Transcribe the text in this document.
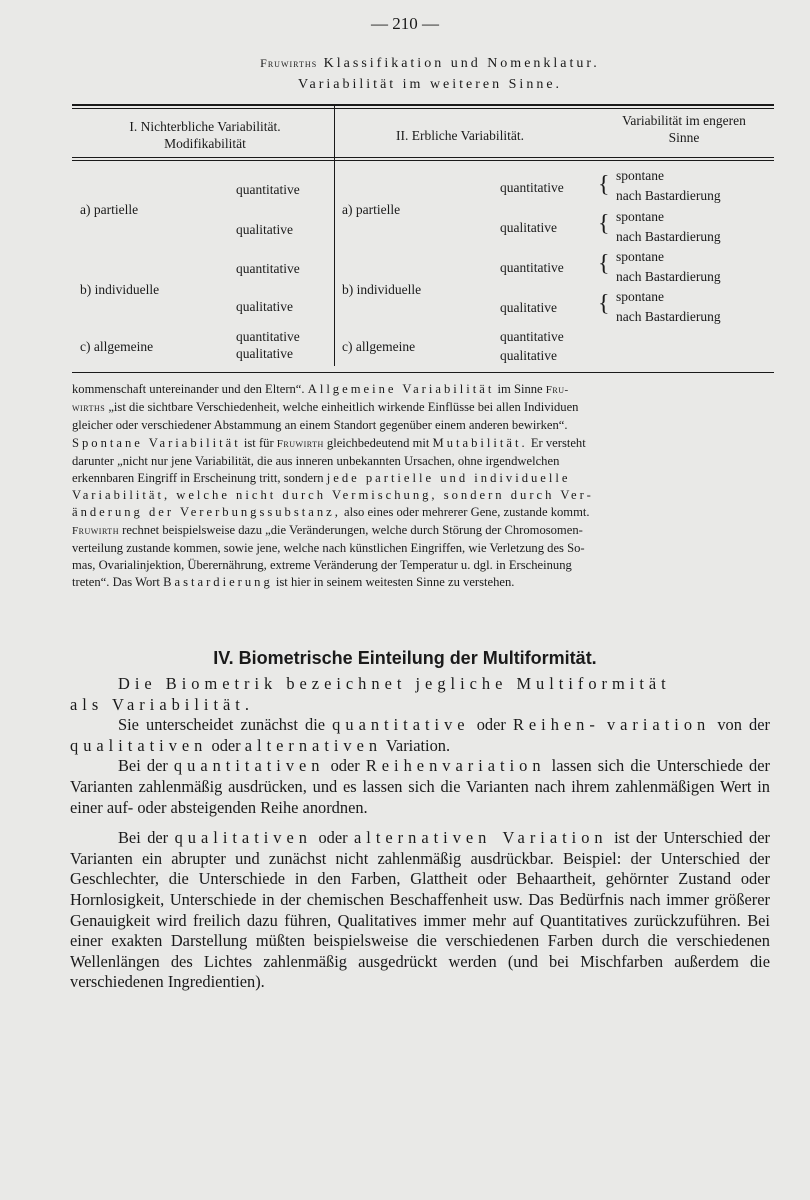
— 210 —
Fruwirths Klassifikation und Nomenklatur.
Variabilität im weiteren Sinne.
I. Nichterbliche Variabilität.
Modifikabilität
II. Erbliche Variabilität.
Variabilität im engeren
Sinne
a) partielle
quantitative
qualitative
b) individuelle
quantitative
qualitative
c) allgemeine
quantitative
qualitative
a) partielle
quantitative
qualitative
b) individuelle
quantitative
qualitative
c) allgemeine
quantitative
qualitative
{
{
{
{
spontane
nach Bastardierung
spontane
nach Bastardierung
spontane
nach Bastardierung
spontane
nach Bastardierung

kommenschaft untereinander und den Eltern“. Allgemeine Variabilität im Sinne Fru-

wirths „ist die sichtbare Verschiedenheit, welche einheitlich wirkende Einflüsse bei allen Individuen

gleicher oder verschiedener Abstammung an einem Standort gegenüber einem anderen bewirken“.

Spontane Variabilität ist für Fruwirth gleichbedeutend mit Mutabilität. Er versteht

darunter „nicht nur jene Variabilität, die aus inneren unbekannten Ursachen, ohne irgendwelchen

erkennbaren Eingriff in Erscheinung tritt, sondern jede partielle und individuelle

Variabilität, welche nicht durch Vermischung, sondern durch Ver-

änderung der Vererbungssubstanz, also eines oder mehrerer Gene, zustande kommt.

Fruwirth rechnet beispielsweise dazu „die Veränderungen, welche durch Störung der Chromosomen-

verteilung zustande kommen, sowie jene, welche nach künstlichen Eingriffen, wie Verletzung des So-

mas, Ovarialinjektion, Überernährung, extreme Veränderung der Temperatur u. dgl. in Erscheinung

treten“. Das Wort Bastardierung ist hier in seinem weitesten Sinne zu verstehen.

IV. Biometrische Einteilung der Multiformität.

Die Biometrik bezeichnet jegliche Multiformität

als Variabilität.

Sie unterscheidet zunächst die quantitative oder Reihen- variation von der qualitativen oder alternativen Variation.

Bei der quantitativen oder Reihenvariation lassen sich die Unterschiede der Varianten zahlenmäßig ausdrücken, und es lassen sich die Varianten nach ihrem zahlenmäßigen Wert in einer auf- oder absteigenden Reihe anordnen.

Bei der qualitativen oder alternativen Variation ist der Unterschied der Varianten ein abrupter und zunächst nicht zahlenmäßig ausdrückbar. Beispiel: der Unterschied der Geschlechter, die Unterschiede in den Farben, Glattheit oder Behaartheit, gehörnter Zustand oder Hornlosigkeit, Unterschiede in der chemischen Beschaffenheit usw. Das Bedürfnis nach immer größerer Genauigkeit wird freilich dazu führen, Qualitatives immer mehr auf Quantitatives zurückzuführen. Bei einer exakten Darstellung müßten beispielsweise die verschiedenen Farben durch die verschiedenen Wellenlängen des Lichtes zahlenmäßig ausgedrückt werden (und bei Mischfarben außerdem die verschiedenen Ingredientien).
